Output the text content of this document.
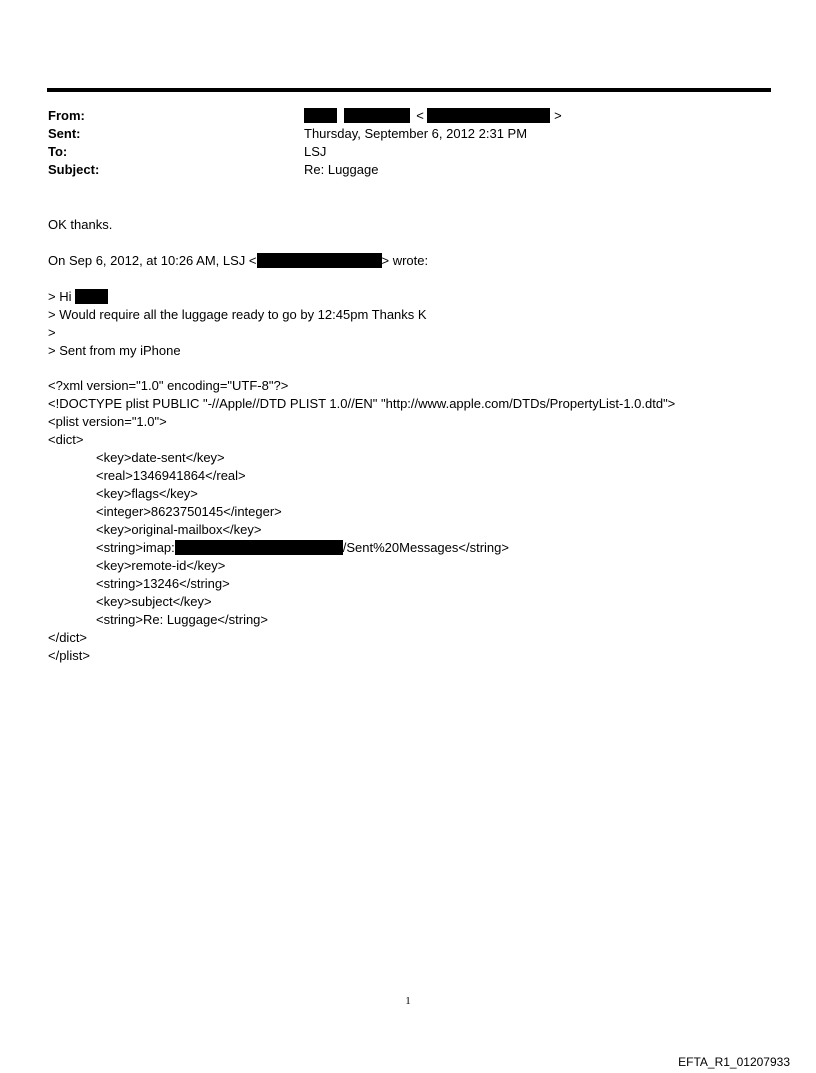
From:	<	>
Sent:	Thursday, September 6, 2012 2:31 PM
To:	LSJ
Subject:	Re: Luggage
OK thanks.
On Sep 6, 2012, at 10:26 AM, LSJ <	> wrote:
> Hi
> Would require all the luggage ready to go by 12:45pm Thanks K
>
> Sent from my iPhone
<?xml version="1.0" encoding="UTF-8"?>
<!DOCTYPE plist PUBLIC "-//Apple//DTD PLIST 1.0//EN" "http://www.apple.com/DTDs/PropertyList-1.0.dtd">
<plist version="1.0">
<dict>
<key>date-sent</key>
<real>1346941864</real>
<key>flags</key>
<integer>8623750145</integer>
<key>original-mailbox</key>
<string>imap:	/Sent%20Messages</string>
<key>remote-id</key>
<string>13246</string>
<key>subject</key>
<string>Re: Luggage</string>
</dict>
</plist>
1
EFTA_R1_01207933
